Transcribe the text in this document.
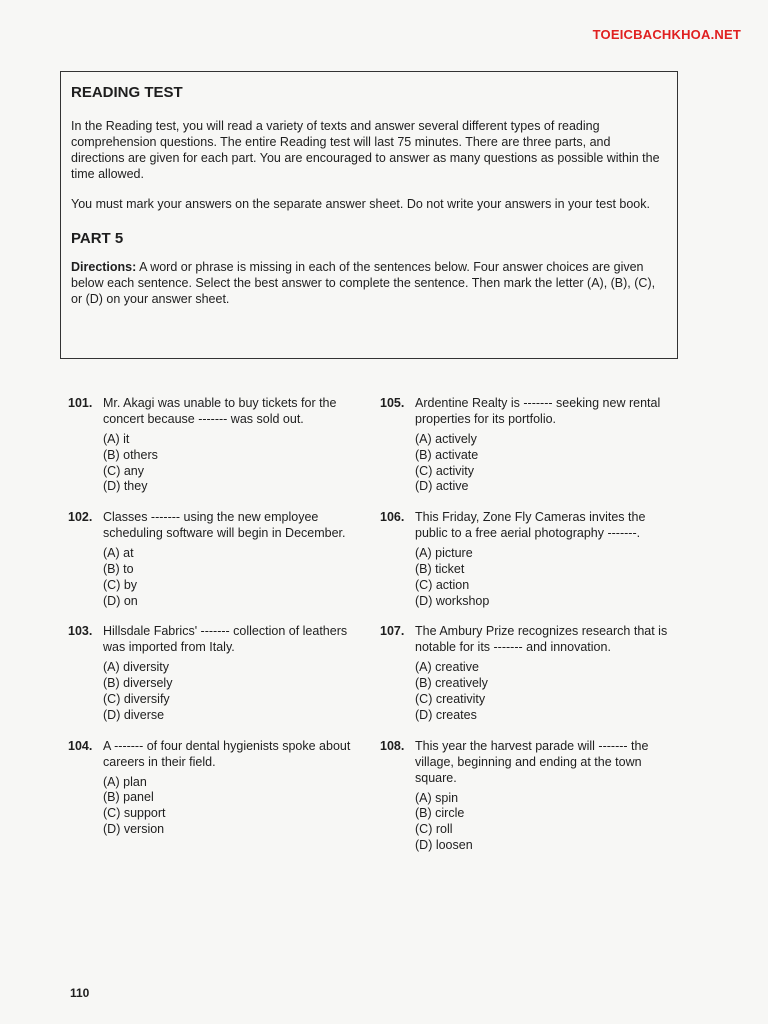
TOEICBACHKHOA.NET
READING TEST

In the Reading test, you will read a variety of texts and answer several different types of reading comprehension questions. The entire Reading test will last 75 minutes. There are three parts, and directions are given for each part. You are encouraged to answer as many questions as possible within the time allowed.

You must mark your answers on the separate answer sheet. Do not write your answers in your test book.

PART 5

Directions: A word or phrase is missing in each of the sentences below. Four answer choices are given below each sentence. Select the best answer to complete the sentence. Then mark the letter (A), (B), (C), or (D) on your answer sheet.

101. Mr. Akagi was unable to buy tickets for the concert because ------- was sold out.
(A) it
(B) others
(C) any
(D) they
102. Classes ------- using the new employee scheduling software will begin in December.
(A) at
(B) to
(C) by
(D) on
103. Hillsdale Fabrics' ------- collection of leathers was imported from Italy.
(A) diversity
(B) diversely
(C) diversify
(D) diverse
104. A ------- of four dental hygienists spoke about careers in their field.
(A) plan
(B) panel
(C) support
(D) version
105. Ardentine Realty is ------- seeking new rental properties for its portfolio.
(A) actively
(B) activate
(C) activity
(D) active
106. This Friday, Zone Fly Cameras invites the public to a free aerial photography -------.
(A) picture
(B) ticket
(C) action
(D) workshop
107. The Ambury Prize recognizes research that is notable for its ------- and innovation.
(A) creative
(B) creatively
(C) creativity
(D) creates
108. This year the harvest parade will ------- the village, beginning and ending at the town square.
(A) spin
(B) circle
(C) roll
(D) loosen
110
